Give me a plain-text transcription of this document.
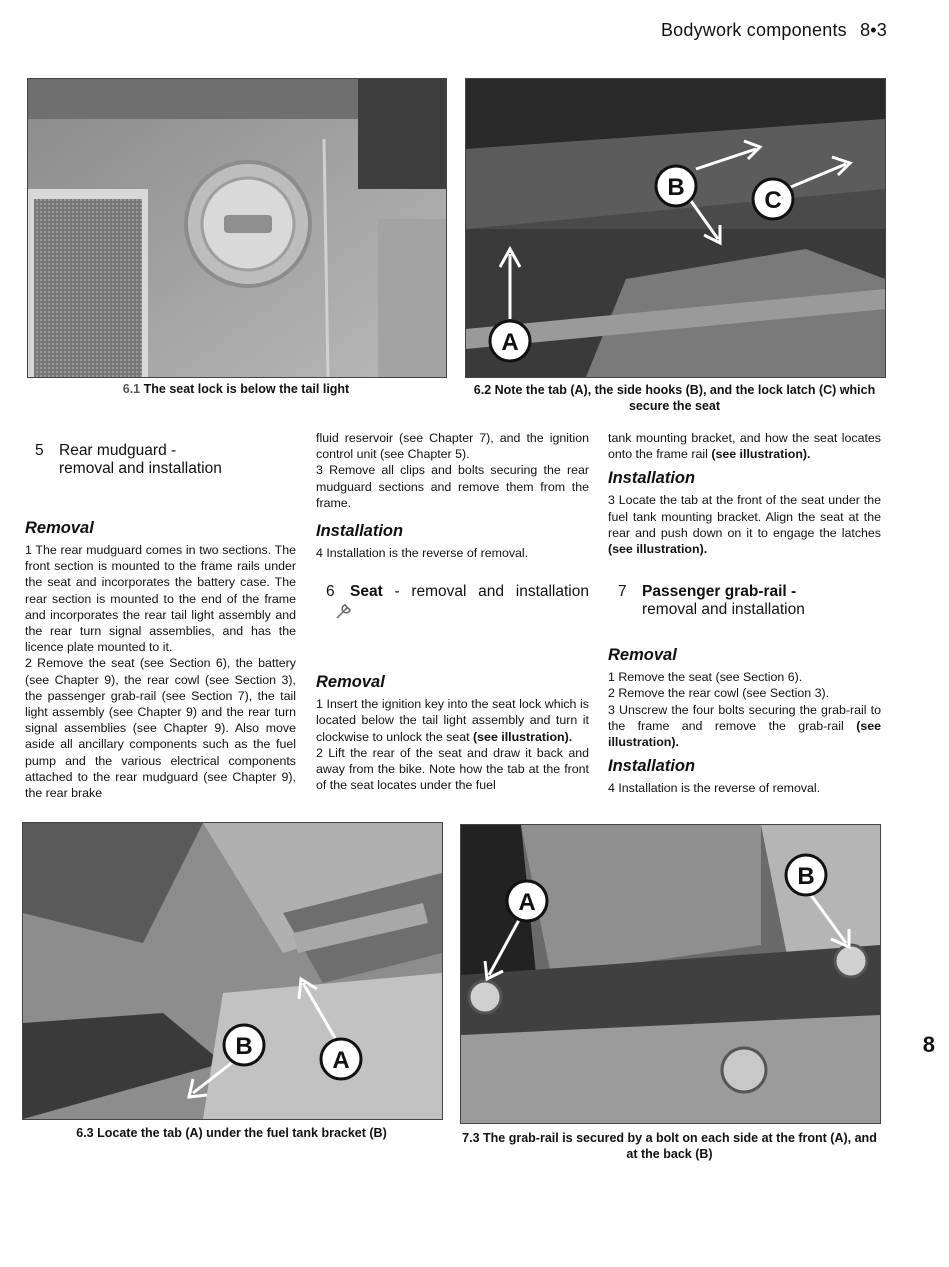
Bodywork components 8•3
6.1 The seat lock is below the tail light
A
B	C
6.2 Note the tab (A), the side hooks (B), and the lock latch (C) which secure the seat
5 Rear mudguard -
removal and installation
Removal

1 The rear mudguard comes in two sections. The front section is mounted to the frame rails under the seat and incorporates the battery case. The rear section is mounted to the end of the frame and incorporates the rear tail light assembly and the rear turn signal assemblies, and has the licence plate mounted to it.

2 Remove the seat (see Section 6), the battery (see Chapter 9), the rear cowl (see Section 3), the passenger grab-rail (see Section 7), the tail light assembly (see Chapter 9) and the rear turn signal assemblies (see Chapter 9). Also move aside all ancillary components such as the fuel pump and the various electrical components attached to the rear mudguard (see Chapter 9), the rear brake

fluid reservoir (see Chapter 7), and the ignition control unit (see Chapter 5).

3 Remove all clips and bolts securing the rear mudguard sections and remove them from the frame.

Installation

4 Installation is the reverse of removal.

6 Seat - removal and installation
Removal

1 Insert the ignition key into the seat lock which is located below the tail light assembly and turn it clockwise to unlock the seat (see illustration).

2 Lift the rear of the seat and draw it back and away from the bike. Note how the tab at the front of the seat locates under the fuel

tank mounting bracket, and how the seat locates onto the frame rail (see illustration).

Installation

3 Locate the tab at the front of the seat under the fuel tank mounting bracket. Align the seat at the rear and push down on it to engage the latches (see illustration).

7 Passenger grab-rail -
removal and installation
Removal

1 Remove the seat (see Section 6).

2 Remove the rear cowl (see Section 3).

3 Unscrew the four bolts securing the grab-rail to the frame and remove the grab-rail (see illustration).

Installation

4 Installation is the reverse of removal.

A
B
6.3 Locate the tab (A) under the fuel tank bracket (B)
A
B
7.3 The grab-rail is secured by a bolt on each side at the front (A), and at the back (B)
8
